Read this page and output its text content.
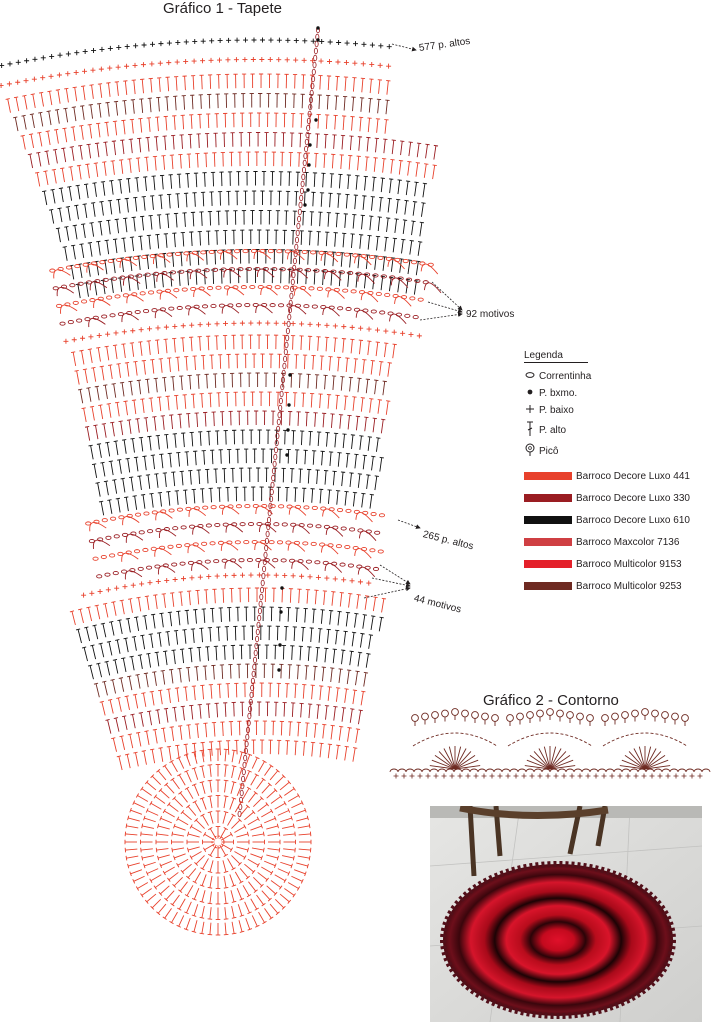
Gráfico 1 - Tapete
Gráfico 2 - Contorno
577 p. altos
92 motivos
265 p. altos
44 motivos
Legenda
Correntinha
P. bxmo.
P. baixo
P. alto
Picô
Barroco Decore Luxo 441
Barroco Decore Luxo 330
Barroco Decore Luxo 610
Barroco Maxcolor 7136
Barroco Multicolor 9153
Barroco Multicolor 9253
